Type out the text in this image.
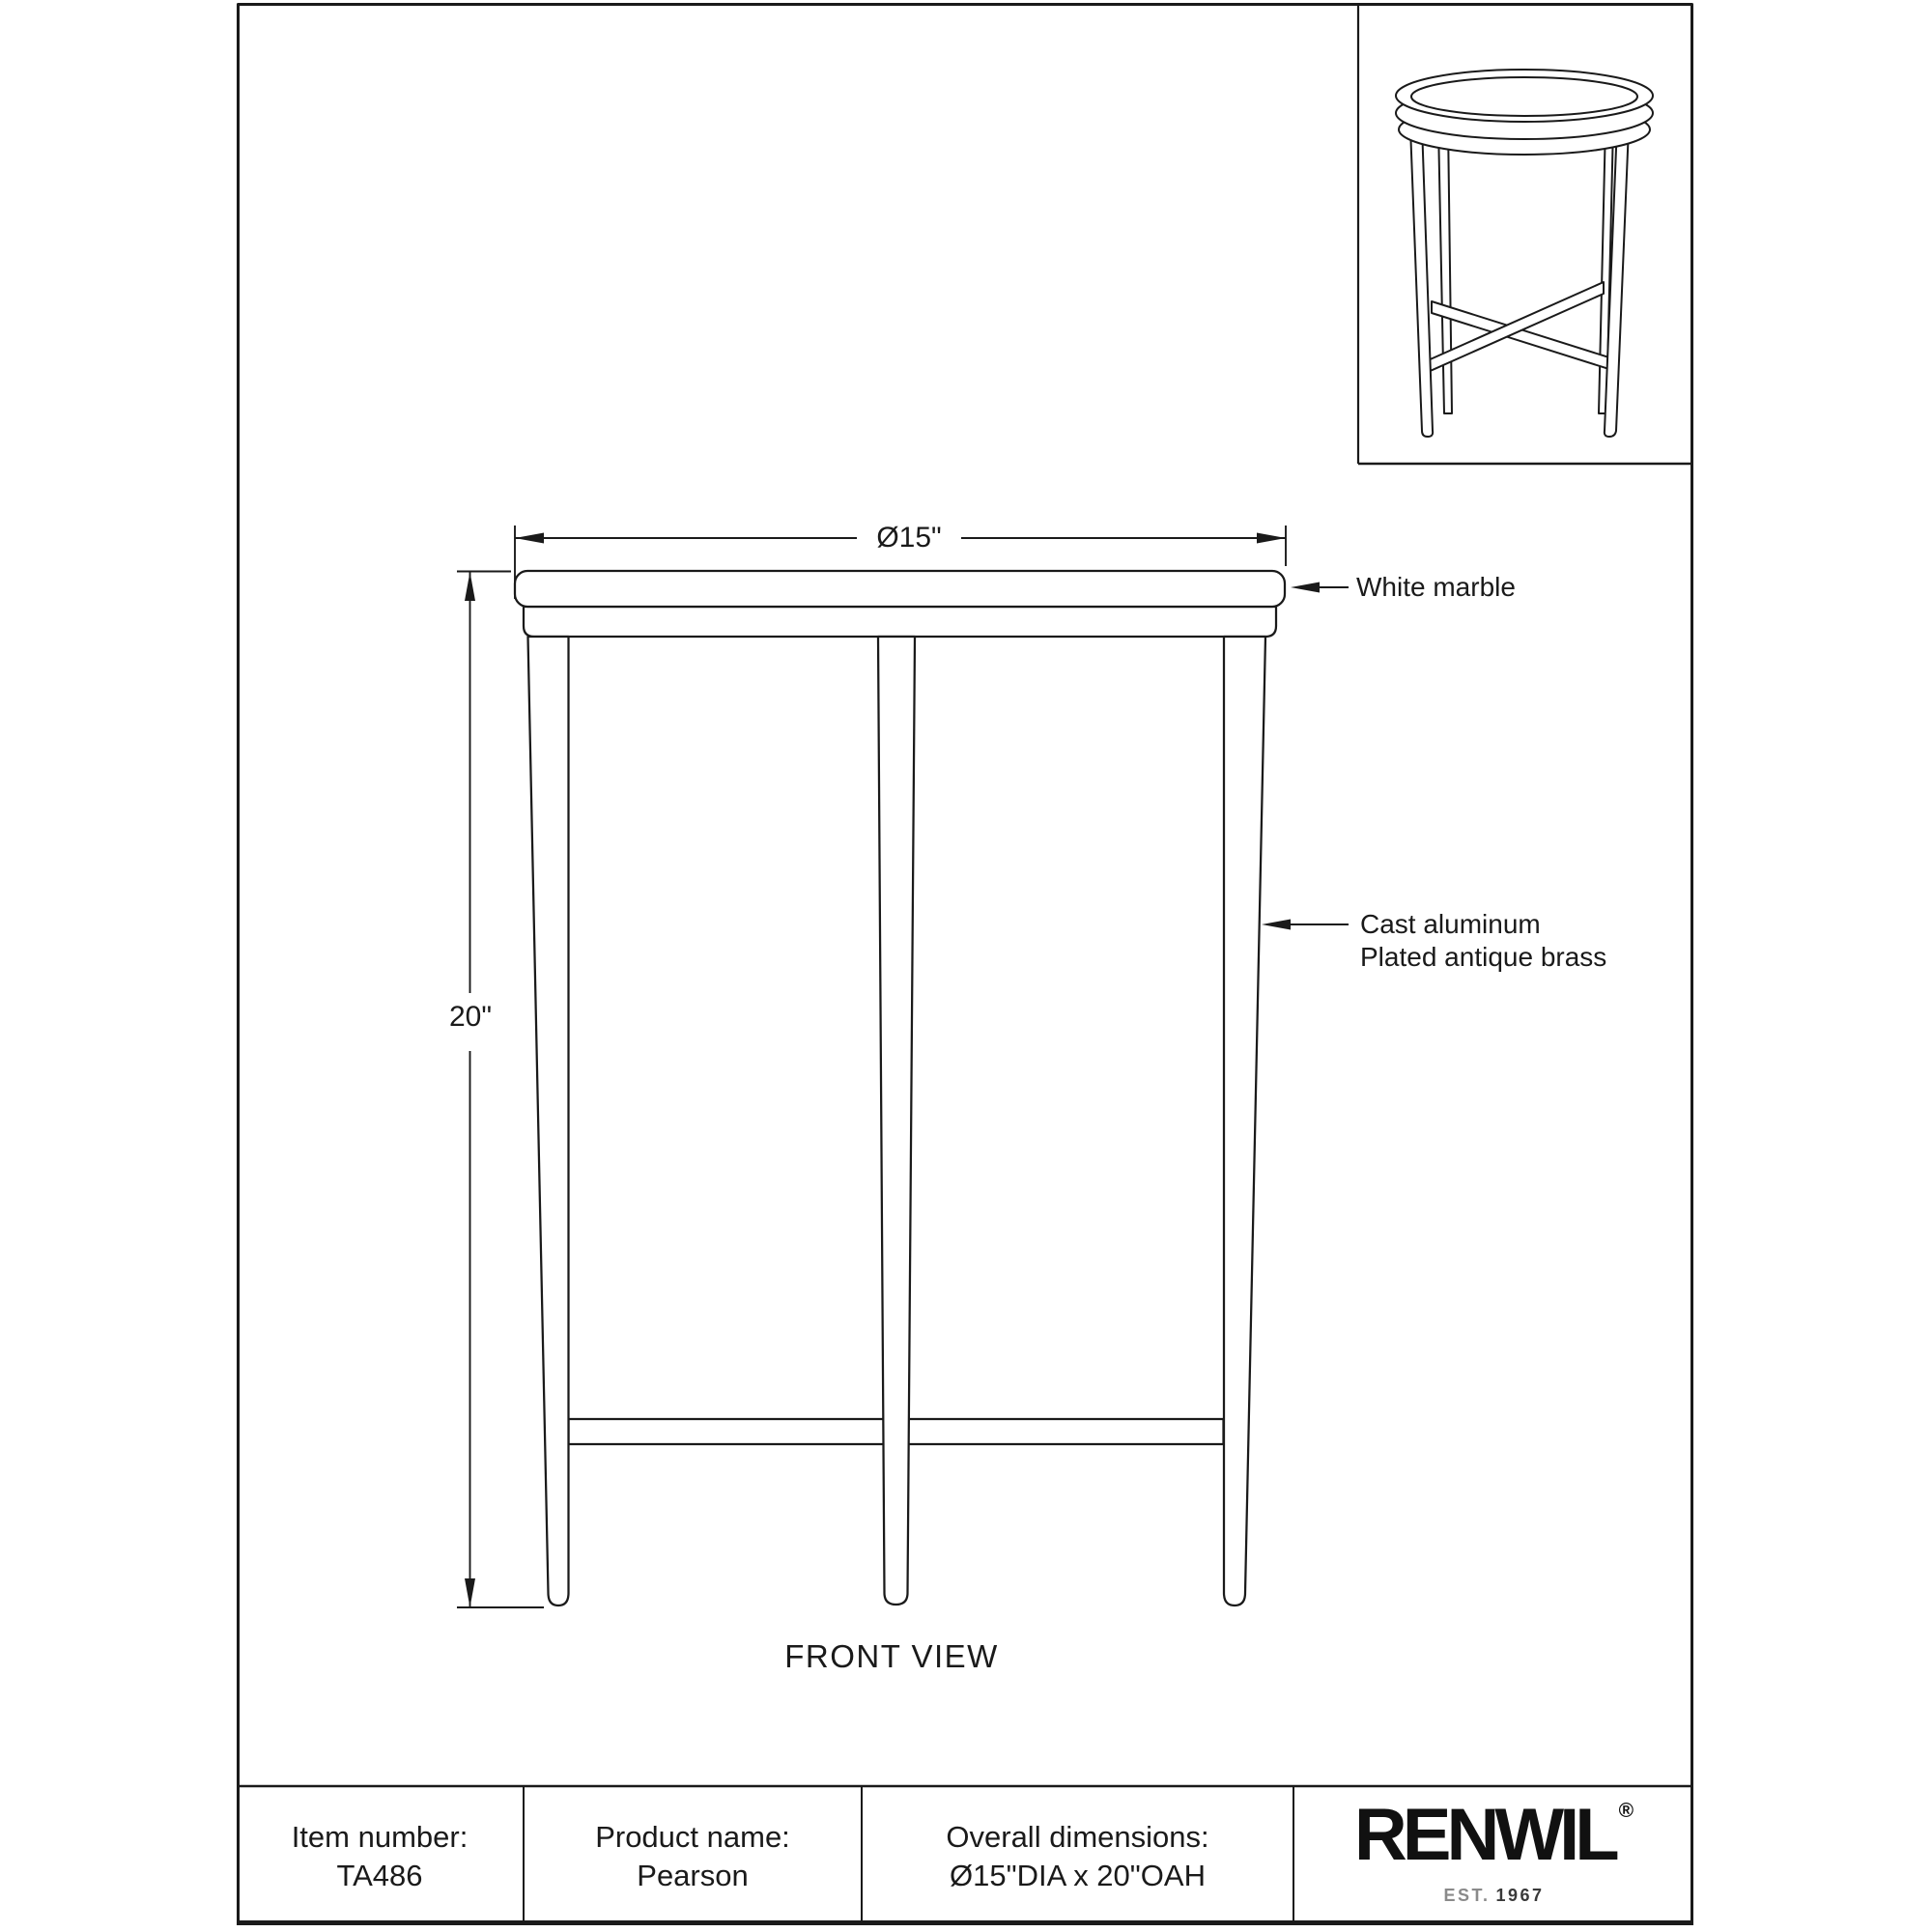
Ø15"
20"
White marble
Cast aluminum
Plated antique brass
FRONT VIEW
Item number:
TA486
Product name:
Pearson
Overall dimensions:
Ø15"DIA x 20"OAH RENWIL ®
EST. 1967
